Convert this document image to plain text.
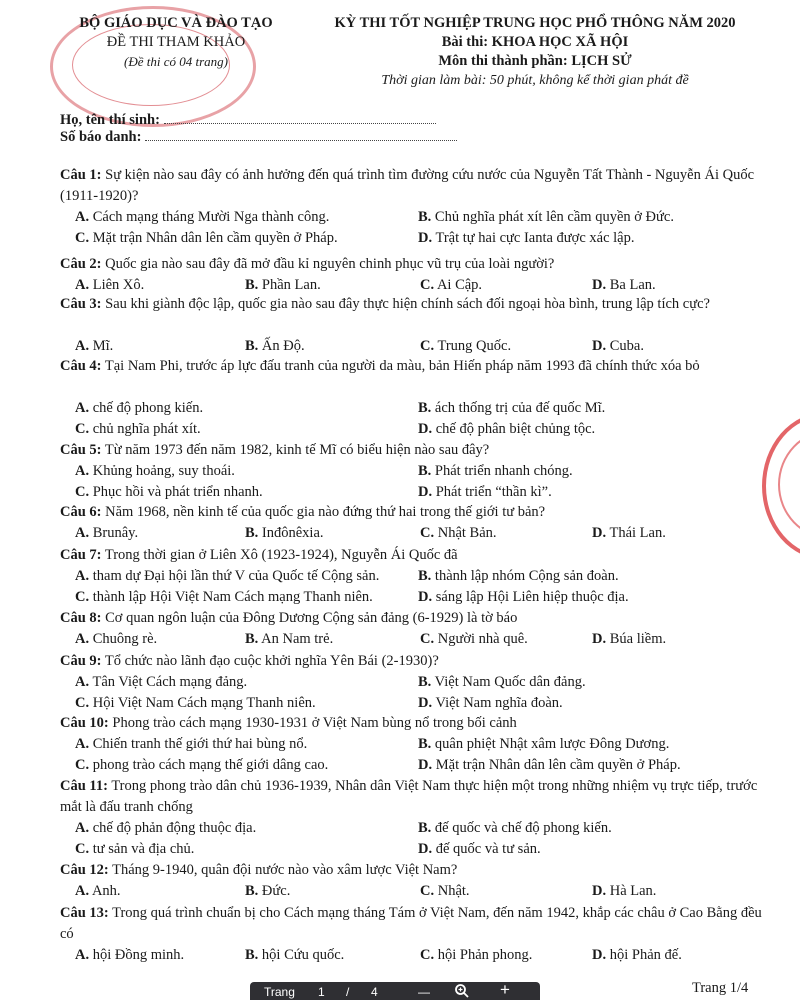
BỘ GIÁO DỤC VÀ ĐÀO TẠO
ĐỀ THI THAM KHẢO
(Đề thi có 04 trang)
KỲ THI TỐT NGHIỆP TRUNG HỌC PHỔ THÔNG NĂM 2020
Bài thi: KHOA HỌC XÃ HỘI
Môn thi thành phần: LỊCH SỬ
Thời gian làm bài: 50 phút, không kể thời gian phát đề
Họ, tên thí sinh:
Số báo danh:
Câu 1: Sự kiện nào sau đây có ảnh hưởng đến quá trình tìm đường cứu nước của Nguyễn Tất Thành - Nguyễn Ái Quốc (1911-1920)?
A. Cách mạng tháng Mười Nga thành công.	B. Chủ nghĩa phát xít lên cầm quyền ở Đức.
C. Mặt trận Nhân dân lên cầm quyền ở Pháp.	D. Trật tự hai cực Ianta được xác lập.
Câu 2: Quốc gia nào sau đây đã mở đầu kỉ nguyên chinh phục vũ trụ của loài người?
A. Liên Xô.	B. Phần Lan.	C. Ai Cập.	D. Ba Lan.
Câu 3: Sau khi giành độc lập, quốc gia nào sau đây thực hiện chính sách đối ngoại hòa bình, trung lập tích cực?
A. Mĩ.	B. Ấn Độ.	C. Trung Quốc.	D. Cuba.
Câu 4: Tại Nam Phi, trước áp lực đấu tranh của người da màu, bản Hiến pháp năm 1993 đã chính thức xóa bỏ
A. chế độ phong kiến.	B. ách thống trị của đế quốc Mĩ.
C. chủ nghĩa phát xít.	D. chế độ phân biệt chủng tộc.
Câu 5: Từ năm 1973 đến năm 1982, kinh tế Mĩ có biểu hiện nào sau đây?
A. Khủng hoảng, suy thoái.	B. Phát triển nhanh chóng.
C. Phục hồi và phát triển nhanh.	D. Phát triển “thần kì”.
Câu 6: Năm 1968, nền kinh tế của quốc gia nào đứng thứ hai trong thế giới tư bản?
A. Brunây.	B. Inđônêxia.	C. Nhật Bản.	D. Thái Lan.
Câu 7: Trong thời gian ở Liên Xô (1923-1924), Nguyễn Ái Quốc đã
A. tham dự Đại hội lần thứ V của Quốc tế Cộng sản.	B. thành lập nhóm Cộng sản đoàn.
C. thành lập Hội Việt Nam Cách mạng Thanh niên.	D. sáng lập Hội Liên hiệp thuộc địa.
Câu 8: Cơ quan ngôn luận của Đông Dương Cộng sản đảng (6-1929) là tờ báo
A. Chuông rè.	B. An Nam trẻ.	C. Người nhà quê.	D. Búa liềm.
Câu 9: Tổ chức nào lãnh đạo cuộc khởi nghĩa Yên Bái (2-1930)?
A. Tân Việt Cách mạng đảng.	B. Việt Nam Quốc dân đảng.
C. Hội Việt Nam Cách mạng Thanh niên.	D. Việt Nam nghĩa đoàn.
Câu 10: Phong trào cách mạng 1930-1931 ở Việt Nam bùng nổ trong bối cảnh
A. Chiến tranh thế giới thứ hai bùng nổ.	B. quân phiệt Nhật xâm lược Đông Dương.
C. phong trào cách mạng thế giới dâng cao.	D. Mặt trận Nhân dân lên cầm quyền ở Pháp.
Câu 11: Trong phong trào dân chủ 1936-1939, Nhân dân Việt Nam thực hiện một trong những nhiệm vụ trực tiếp, trước mắt là đấu tranh chống
A. chế độ phản động thuộc địa.	B. đế quốc và chế độ phong kiến.
C. tư sản và địa chủ.	D. đế quốc và tư sản.
Câu 12: Tháng 9-1940, quân đội nước nào vào xâm lược Việt Nam?
A. Anh.	B. Đức.	C. Nhật.	D. Hà Lan.
Câu 13: Trong quá trình chuẩn bị cho Cách mạng tháng Tám ở Việt Nam, đến năm 1942, khắp các châu ở Cao Bằng đều có
A. hội Đồng minh.	B. hội Cứu quốc.	C. hội Phản phong.	D. hội Phản đế.
Trang 1 / 4	—	+	Trang 1/4
